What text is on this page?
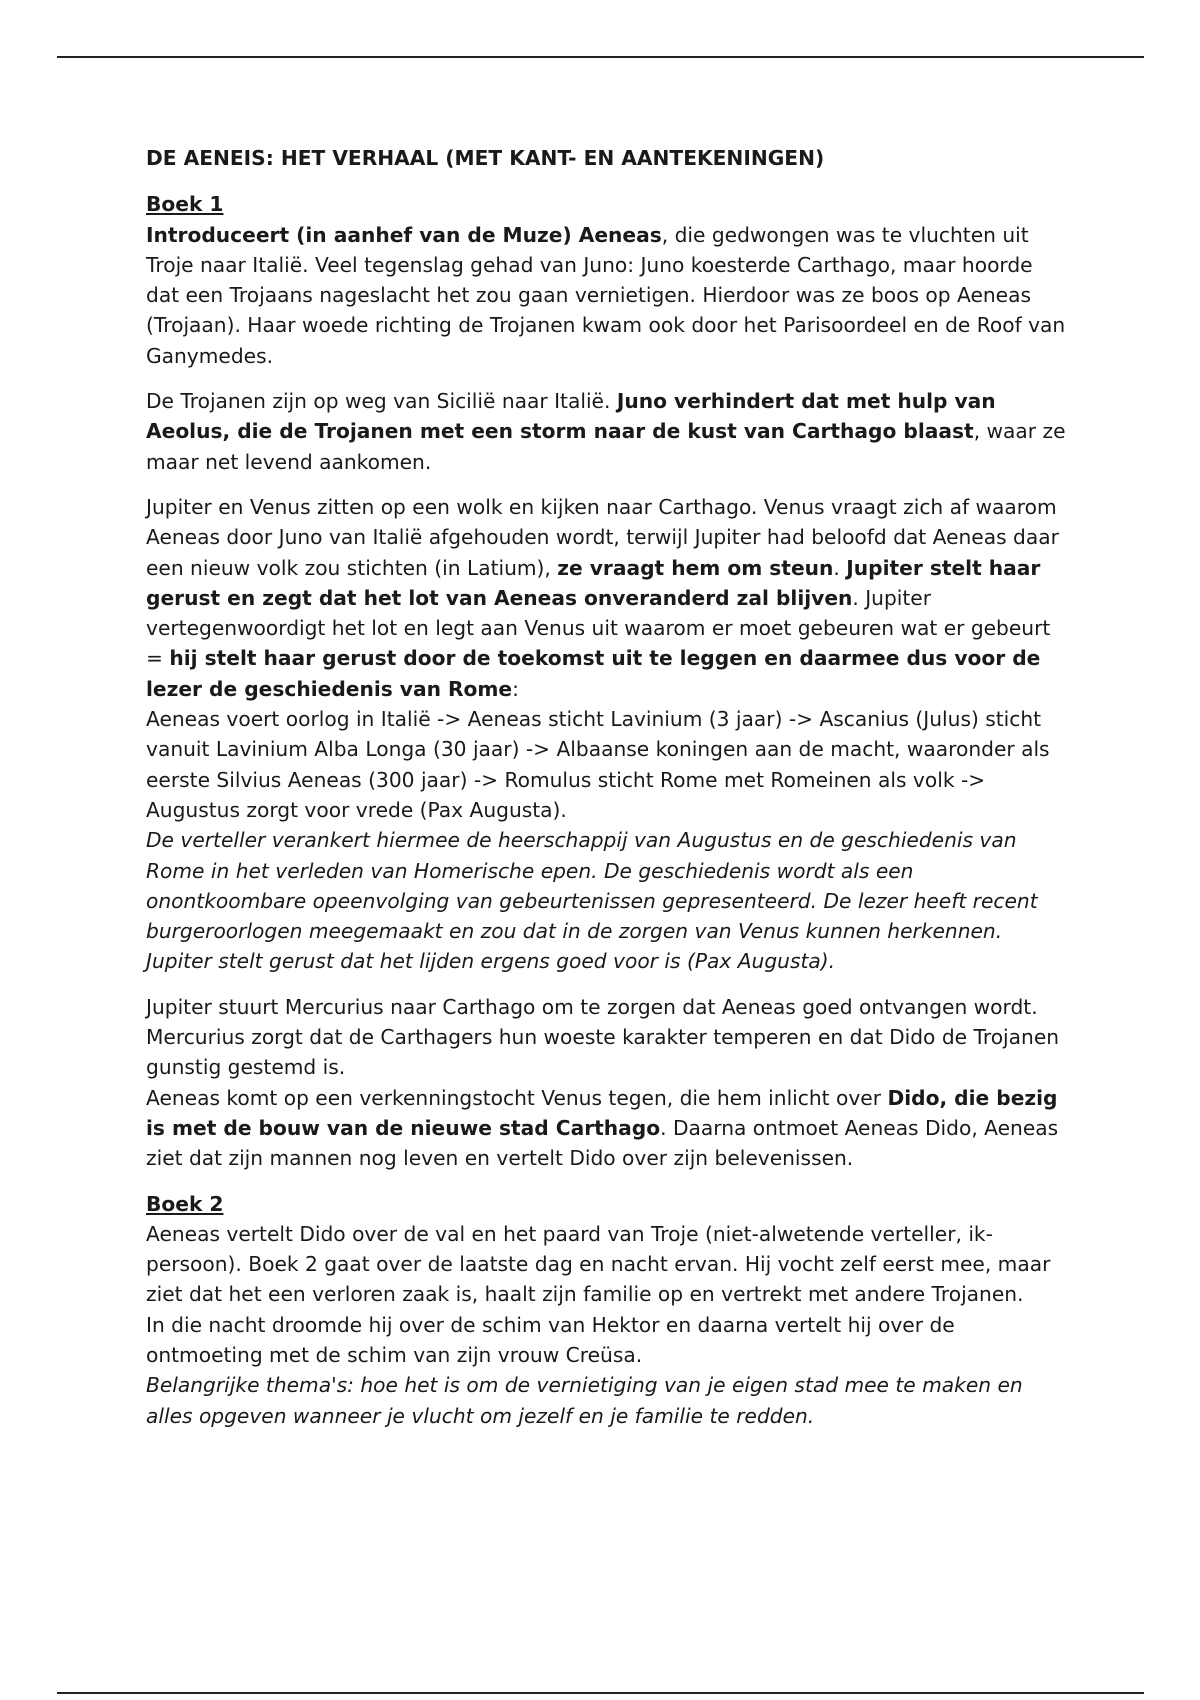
DE AENEIS: HET VERHAAL (MET KANT- EN AANTEKENINGEN)

Boek 1

Introduceert (in aanhef van de Muze) Aeneas, die gedwongen was te vluchten uit Troje naar Italië. Veel tegenslag gehad van Juno: Juno koesterde Carthago, maar hoorde dat een Trojaans nageslacht het zou gaan vernietigen. Hierdoor was ze boos op Aeneas (Trojaan). Haar woede richting de Trojanen kwam ook door het Parisoordeel en de Roof van Ganymedes.

De Trojanen zijn op weg van Sicilië naar Italië. Juno verhindert dat met hulp van Aeolus, die de Trojanen met een storm naar de kust van Carthago blaast, waar ze maar net levend aankomen.

Jupiter en Venus zitten op een wolk en kijken naar Carthago. Venus vraagt zich af waarom Aeneas door Juno van Italië afgehouden wordt, terwijl Jupiter had beloofd dat Aeneas daar een nieuw volk zou stichten (in Latium), ze vraagt hem om steun. Jupiter stelt haar gerust en zegt dat het lot van Aeneas onveranderd zal blijven. Jupiter vertegenwoordigt het lot en legt aan Venus uit waarom er moet gebeuren wat er gebeurt = hij stelt haar gerust door de toekomst uit te leggen en daarmee dus voor de lezer de geschiedenis van Rome:

Aeneas voert oorlog in Italië -> Aeneas sticht Lavinium (3 jaar) -> Ascanius (Julus) sticht vanuit Lavinium Alba Longa (30 jaar) -> Albaanse koningen aan de macht, waaronder als eerste Silvius Aeneas (300 jaar) -> Romulus sticht Rome met Romeinen als volk -> Augustus zorgt voor vrede (Pax Augusta).

De verteller verankert hiermee de heerschappij van Augustus en de geschiedenis van Rome in het verleden van Homerische epen. De geschiedenis wordt als een onontkoombare opeenvolging van gebeurtenissen gepresenteerd. De lezer heeft recent burgeroorlogen meegemaakt en zou dat in de zorgen van Venus kunnen herkennen. Jupiter stelt gerust dat het lijden ergens goed voor is (Pax Augusta).

Jupiter stuurt Mercurius naar Carthago om te zorgen dat Aeneas goed ontvangen wordt. Mercurius zorgt dat de Carthagers hun woeste karakter temperen en dat Dido de Trojanen gunstig gestemd is.

Aeneas komt op een verkenningstocht Venus tegen, die hem inlicht over Dido, die bezig is met de bouw van de nieuwe stad Carthago. Daarna ontmoet Aeneas Dido, Aeneas ziet dat zijn mannen nog leven en vertelt Dido over zijn belevenissen.

Boek 2

Aeneas vertelt Dido over de val en het paard van Troje (niet-alwetende verteller, ik-persoon). Boek 2 gaat over de laatste dag en nacht ervan. Hij vocht zelf eerst mee, maar ziet dat het een verloren zaak is, haalt zijn familie op en vertrekt met andere Trojanen.

In die nacht droomde hij over de schim van Hektor en daarna vertelt hij over de ontmoeting met de schim van zijn vrouw Creüsa.

Belangrijke thema's: hoe het is om de vernietiging van je eigen stad mee te maken en alles opgeven wanneer je vlucht om jezelf en je familie te redden.
